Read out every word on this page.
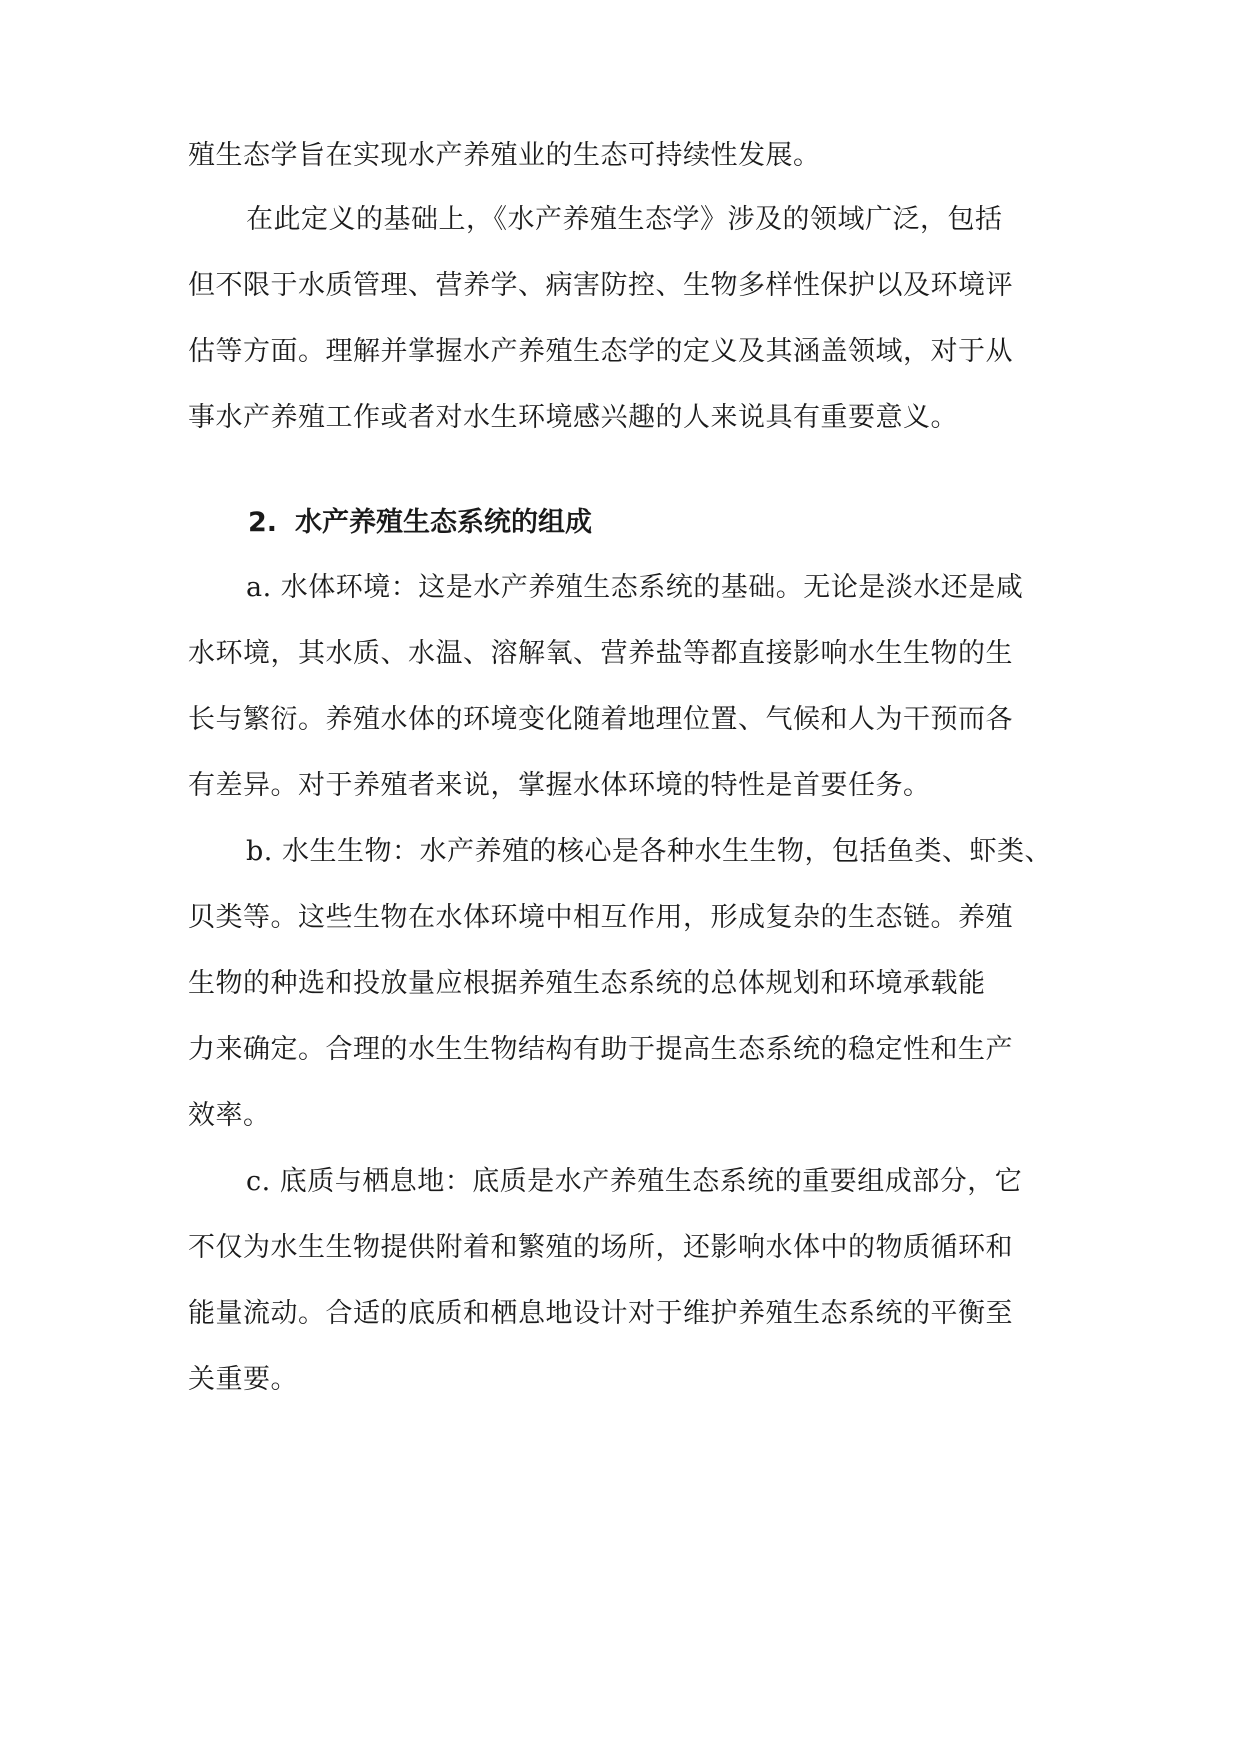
殖生态学旨在实现水产养殖业的生态可持续性发展。
在此定义的基础上，《水产养殖生态学》涉及的领域广泛，包括
但不限于水质管理、营养学、病害防控、生物多样性保护以及环境评
估等方面。理解并掌握水产养殖生态学的定义及其涵盖领域，对于从
事水产养殖工作或者对水生环境感兴趣的人来说具有重要意义。
2. 水产养殖生态系统的组成
a. 水体环境：这是水产养殖生态系统的基础。无论是淡水还是咸
水环境，其水质、水温、溶解氧、营养盐等都直接影响水生生物的生
长与繁衍。养殖水体的环境变化随着地理位置、气候和人为干预而各
有差异。对于养殖者来说，掌握水体环境的特性是首要任务。
b. 水生生物：水产养殖的核心是各种水生生物，包括鱼类、虾类、
贝类等。这些生物在水体环境中相互作用，形成复杂的生态链。养殖
生物的种选和投放量应根据养殖生态系统的总体规划和环境承载能
力来确定。合理的水生生物结构有助于提高生态系统的稳定性和生产
效率。
c. 底质与栖息地：底质是水产养殖生态系统的重要组成部分，它
不仅为水生生物提供附着和繁殖的场所，还影响水体中的物质循环和
能量流动。合适的底质和栖息地设计对于维护养殖生态系统的平衡至
关重要。
